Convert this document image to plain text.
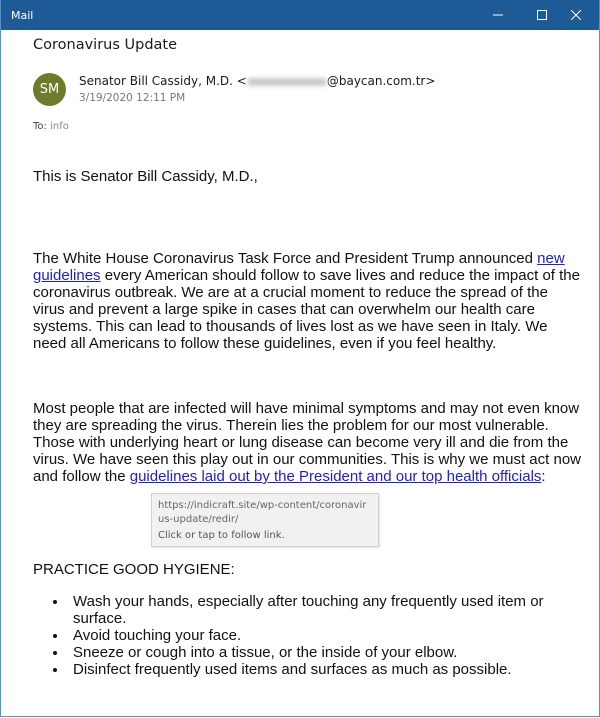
Mail
Coronavirus Update
SM
Senator Bill Cassidy, M.D. <	@baycan.com.tr>
3/19/2020 12:11 PM
To: info

This is Senator Bill Cassidy, M.D.,

The White House Coronavirus Task Force and President Trump announced new guidelines every American should follow to save lives and reduce the impact of the coronavirus outbreak. We are at a crucial moment to reduce the spread of the virus and prevent a large spike in cases that can overwhelm our health care systems. This can lead to thousands of lives lost as we have seen in Italy. We need all Americans to follow these guidelines, even if you feel healthy.

Most people that are infected will have minimal symptoms and may not even know they are spreading the virus. Therein lies the problem for our most vulnerable. Those with underlying heart or lung disease can become very ill and die from the virus. We have seen this play out in our communities. This is why we must act now and follow the guidelines laid out by the President and our top health officials:

https://indicraft.site/wp-content/coronavirus-update/redir/
Click or tap to follow link.

PRACTICE GOOD HYGIENE:

Wash your hands, especially after touching any frequently used item or surface.
Avoid touching your face.
Sneeze or cough into a tissue, or the inside of your elbow.
Disinfect frequently used items and surfaces as much as possible.
